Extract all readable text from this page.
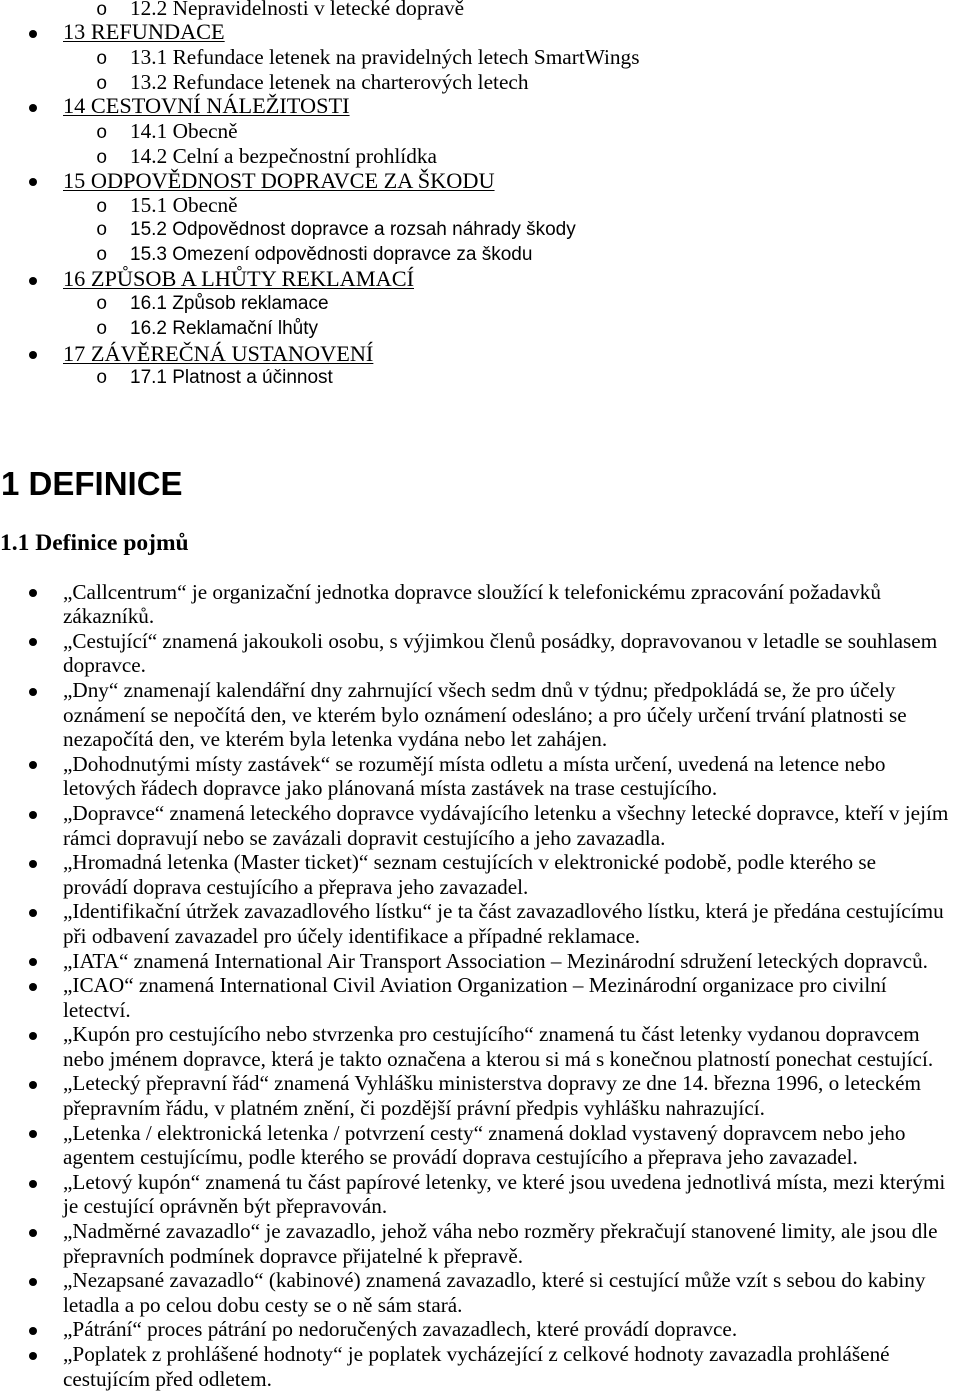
o 12.2 Nepravidelnosti v letecké dopravě
13 REFUNDACE
o 13.1 Refundace letenek na pravidelných letech SmartWings
o 13.2 Refundace letenek na charterových letech
14 CESTOVNÍ NÁLEŽITOSTI
o 14.1 Obecně
o 14.2 Celní a bezpečnostní prohlídka
15 ODPOVĚDNOST DOPRAVCE ZA ŠKODU
o 15.1 Obecně
o 15.2 Odpovědnost dopravce a rozsah náhrady škody
o 15.3 Omezení odpovědnosti dopravce za škodu
16 ZPŮSOB A LHŮTY REKLAMACÍ
o 16.1 Způsob reklamace
o 16.2 Reklamační lhůty
17 ZÁVĚREČNÁ USTANOVENÍ
o 17.1 Platnost a účinnost
1 DEFINICE
1.1 Definice pojmů
„Callcentrum“ je organizační jednotka dopravce sloužící k telefonickému zpracování požadavků
zákazníků.
„Cestující“ znamená jakoukoli osobu, s výjimkou členů posádky, dopravovanou v letadle se souhlasem
dopravce.
„Dny“ znamenají kalendářní dny zahrnující všech sedm dnů v týdnu; předpokládá se, že pro účely
oznámení se nepočítá den, ve kterém bylo oznámení odesláno; a pro účely určení trvání platnosti se
nezapočítá den, ve kterém byla letenka vydána nebo let zahájen.
„Dohodnutými místy zastávek“ se rozumějí místa odletu a místa určení, uvedená na letence nebo
letových řádech dopravce jako plánovaná místa zastávek na trase cestujícího.
„Dopravce“ znamená leteckého dopravce vydávajícího letenku a všechny letecké dopravce, kteří v jejím
rámci dopravují nebo se zavázali dopravit cestujícího a jeho zavazadla.
„Hromadná letenka (Master ticket)“ seznam cestujících v elektronické podobě, podle kterého se
provádí doprava cestujícího a přeprava jeho zavazadel.
„Identifikační útržek zavazadlového lístku“ je ta část zavazadlového lístku, která je předána cestujícímu
při odbavení zavazadel pro účely identifikace a případné reklamace.
„IATA“ znamená International Air Transport Association – Mezinárodní sdružení leteckých dopravců.
„ICAO“ znamená International Civil Aviation Organization – Mezinárodní organizace pro civilní
letectví.
„Kupón pro cestujícího nebo stvrzenka pro cestujícího“ znamená tu část letenky vydanou dopravcem
nebo jménem dopravce, která je takto označena a kterou si má s konečnou platností ponechat cestující.
„Letecký přepravní řád“ znamená Vyhlášku ministerstva dopravy ze dne 14. března 1996, o leteckém
přepravním řádu, v platném znění, či pozdější právní předpis vyhlášku nahrazující.
„Letenka / elektronická letenka / potvrzení cesty“ znamená doklad vystavený dopravcem nebo jeho
agentem cestujícímu, podle kterého se provádí doprava cestujícího a přeprava jeho zavazadel.
„Letový kupón“ znamená tu část papírové letenky, ve které jsou uvedena jednotlivá místa, mezi kterými
je cestující oprávněn být přepravován.
„Nadměrné zavazadlo“ je zavazadlo, jehož váha nebo rozměry překračují stanovené limity, ale jsou dle
přepravních podmínek dopravce přijatelné k přepravě.
„Nezapsané zavazadlo“ (kabinové) znamená zavazadlo, které si cestující může vzít s sebou do kabiny
letadla a po celou dobu cesty se o ně sám stará.
„Pátrání“ proces pátrání po nedoručených zavazadlech, které provádí dopravce.
„Poplatek z prohlášené hodnoty“ je poplatek vycházející z celkové hodnoty zavazadla prohlášené
cestujícím před odletem.
